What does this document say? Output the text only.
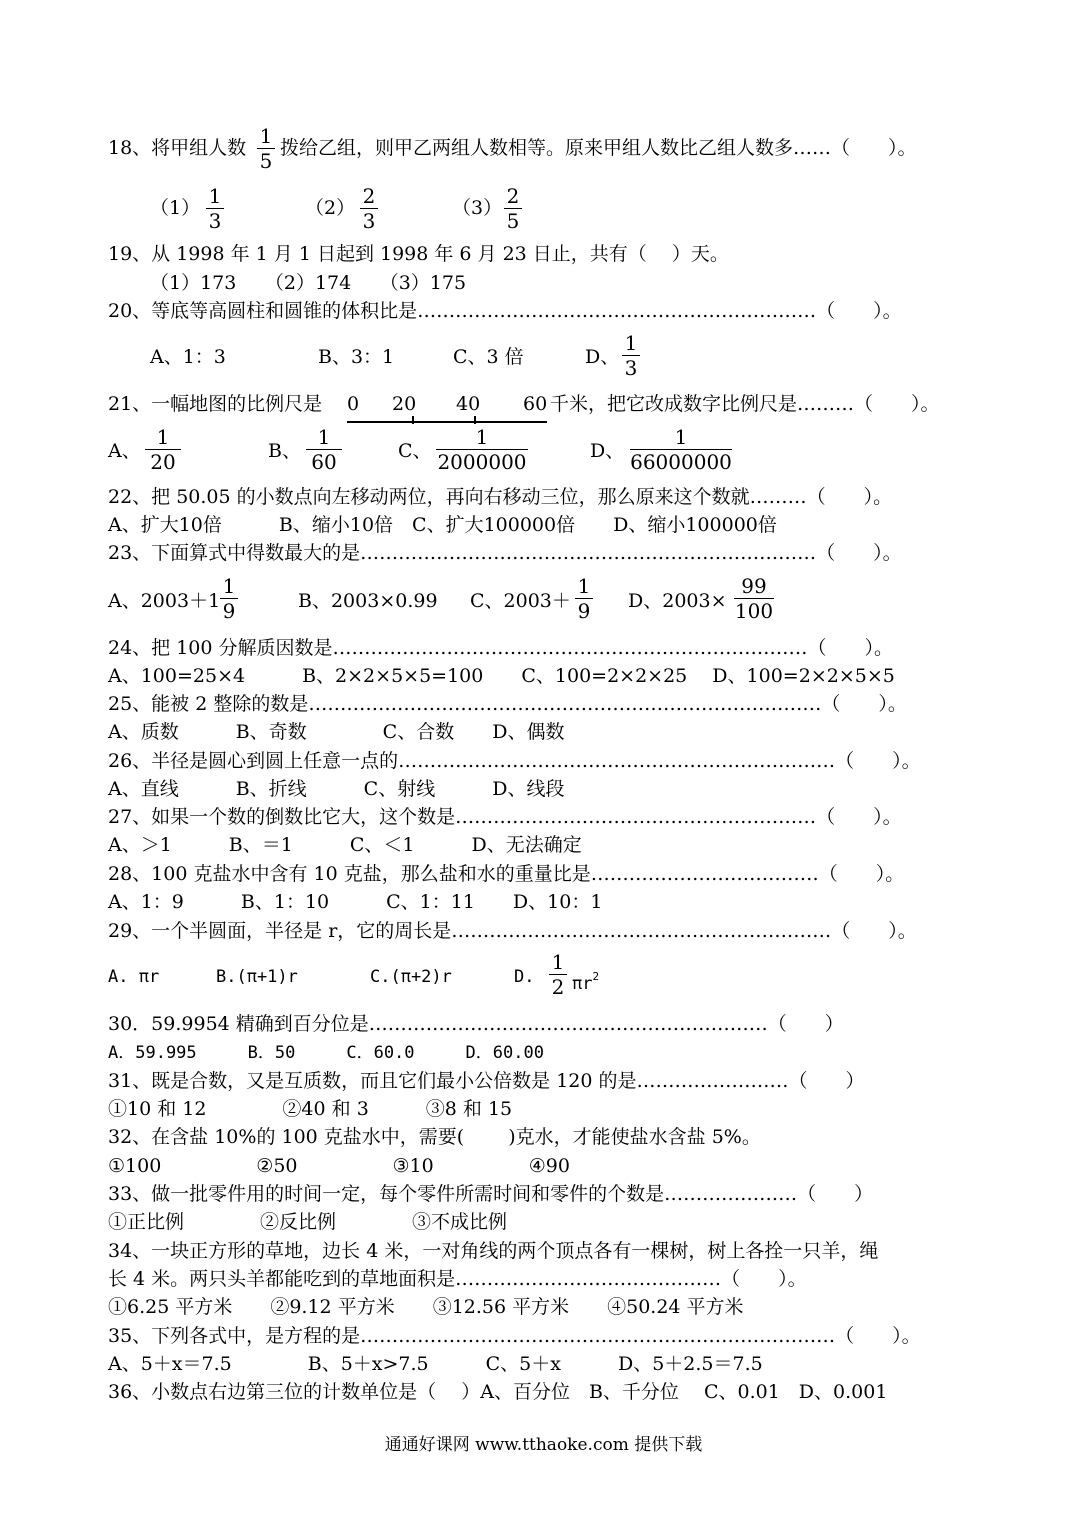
18、将甲组人数 1
5
拨给乙组，则甲乙两组人数相等。原来甲组人数比乙组人数多……（　　）。
（1） 1
3
（2） 2
3
（3） 2
5
19、从 1998 年 1 月 1 日起到 1998 年 6 月 23 日止，共有（　 ）天。
（1）173　　（2）174　　（3）175
20、等底等高圆柱和圆锥的体积比是………………………………………………………（　　）。
A、1：3	B、3：1	C、3 倍	D、
1
3
21、一幅地图的比例尺是 0 20 40 60 千米，把它改成数字比例尺是………（　　）。
A、
1
20	B、
1
60	C、
1
2000000	D、
1
66000000
22、把 50.05 的小数点向左移动两位，再向右移动三位，那么原来这个数就………（　　）。
A、扩大10倍　　　B、缩小10倍　C、扩大100000倍　　D、缩小100000倍
23、下面算式中得数最大的是………………………………………………………………（　　）。
A、2003＋1
1
9	B、2003×0.99 C、2003＋
1
9 D、2003×
99
100
24、把 100 分解质因数是…………………………………………………………………（　　）。
A、100=25×4　　　B、2×2×5×5=100　　C、100=2×2×25　 D、100=2×2×5×5
25、能被 2 整除的数是………………………………………………………………………（　　）。
A、质数　　　B、奇数　　　　C、合数　　D、偶数
26、半径是圆心到圆上任意一点的……………………………………………………………（　　）。
A、直线　　　B、折线　　　C、射线　　　D、线段
27、如果一个数的倒数比它大，这个数是…………………………………………………（　　）。
A、＞1　　　B、＝1　　　C、＜1　　　D、无法确定
28、100 克盐水中含有 10 克盐，那么盐和水的重量比是………………………………（　　）。
A、1：9　　　B、1：10　　　C、1：11　　D、10：1
29、一个半圆面，半径是 r，它的周长是……………………………………………………（　　）。
A. πr	B.(π+1)r	C.(π+2)r	D.
1
2 $\pi r^2$
30．59.9954 精确到百分位是………………………………………………………（　　）
A．59.995　　　B．50　　　C．60.0　　　D．60.00
31、既是合数，又是互质数，而且它们最小公倍数是 120 的是……………………（　　）
①10 和 12　　　　②40 和 3　　　③8 和 15
32、在含盐 10%的 100 克盐水中，需要(　　 )克水，才能使盐水含盐 5%。
①100　　　　　②50　　　　　③10　　　　　④90
33、做一批零件用的时间一定，每个零件所需时间和零件的个数是…………………（　　）
①正比例　　　　②反比例　　　　③不成比例
34、一块正方形的草地，边长 4 米，一对角线的两个顶点各有一棵树，树上各拴一只羊，绳
长 4 米。两只头羊都能吃到的草地面积是……………………………………（　　）。
①6.25 平方米　　②9.12 平方米　　③12.56 平方米　　④50.24 平方米
35、下列各式中，是方程的是…………………………………………………………………（　　）。
A、5＋x＝7.5　　　　B、5＋x>7.5　　　C、5＋x　　　D、5＋2.5＝7.5
36、小数点右边第三位的计数单位是（　 ）A、百分位　B、千分位　 C、0.01　D、0.001
通通好课网 www.tthaoke.com 提供下载
